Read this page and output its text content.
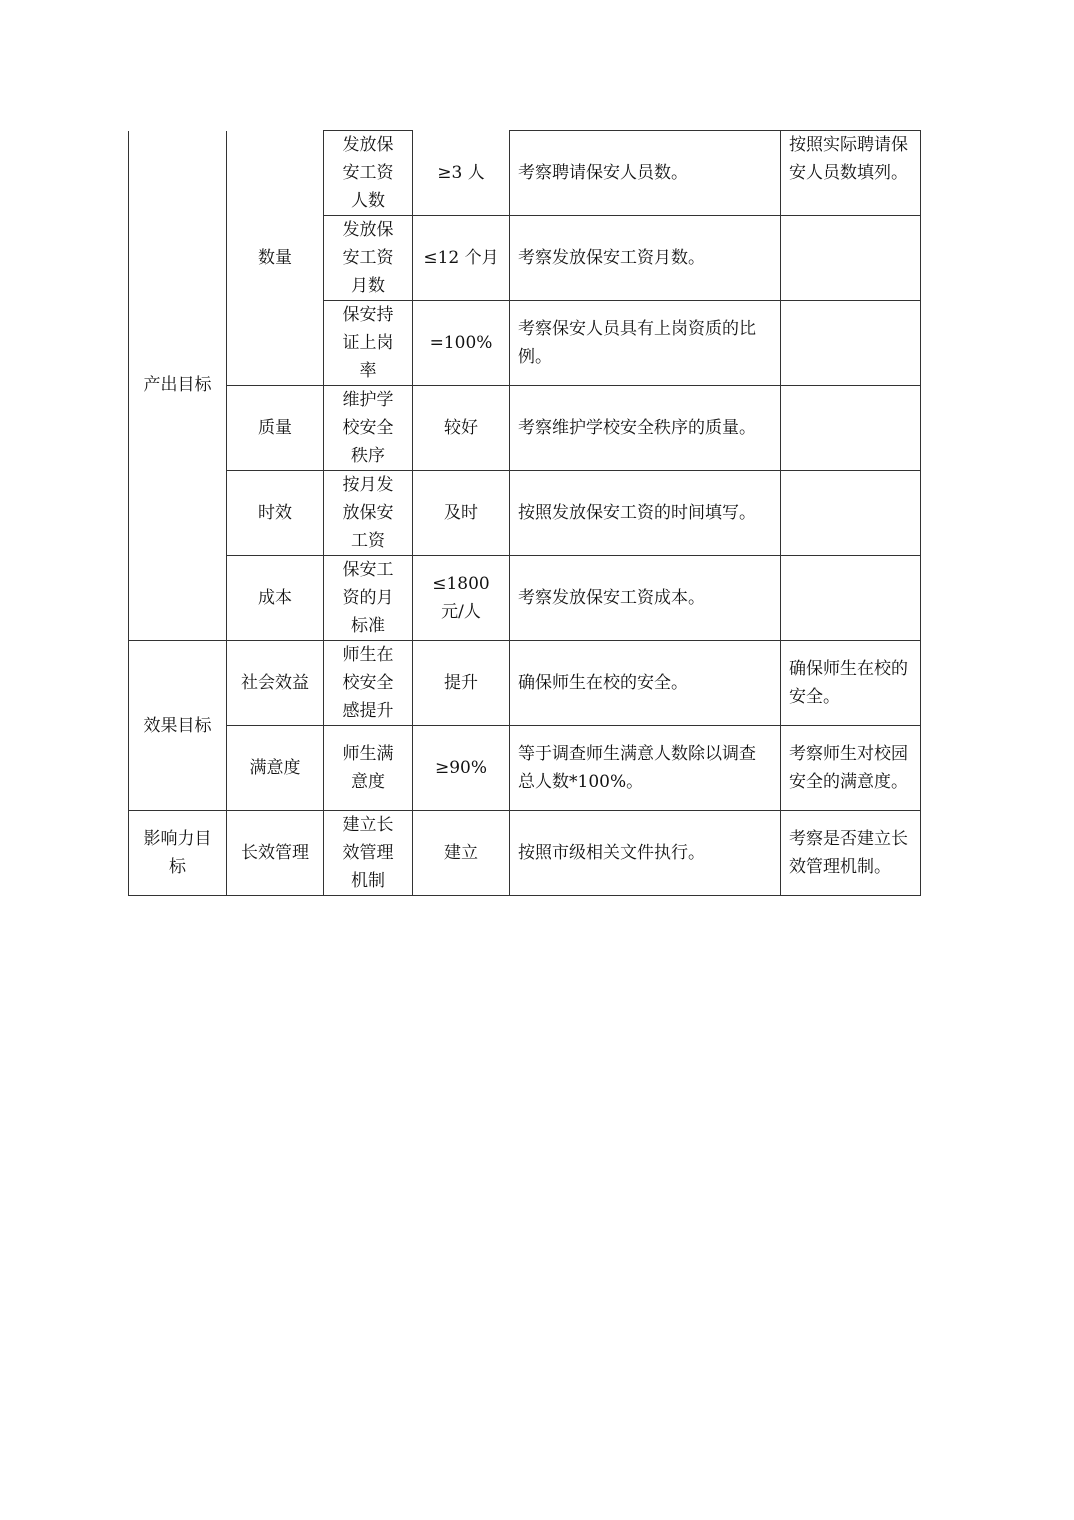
产出目标	数量	发放保安工资人数	≥3 人	考察聘请保安人员数。	按照实际聘请保安人员数填列。
		发放保安工资月数	≤12 个月	考察发放保安工资月数。	
		保安持证上岗率	=100%	考察保安人员具有上岗资质的比例。	
	质量	维护学校安全秩序	较好	考察维护学校安全秩序的质量。	
	时效	按月发放保安工资	及时	按照发放保安工资的时间填写。	
	成本	保安工资的月标准	≤1800 元/人	考察发放保安工资成本。	
效果目标	社会效益	师生在校安全感提升	提升	确保师生在校的安全。	确保师生在校的安全。
	满意度	师生满意度	≥90%	等于调查师生满意人数除以调查总人数*100%。	考察师生对校园安全的满意度。
影响力目标	长效管理	建立长效管理机制	建立	按照市级相关文件执行。	考察是否建立长效管理机制。
